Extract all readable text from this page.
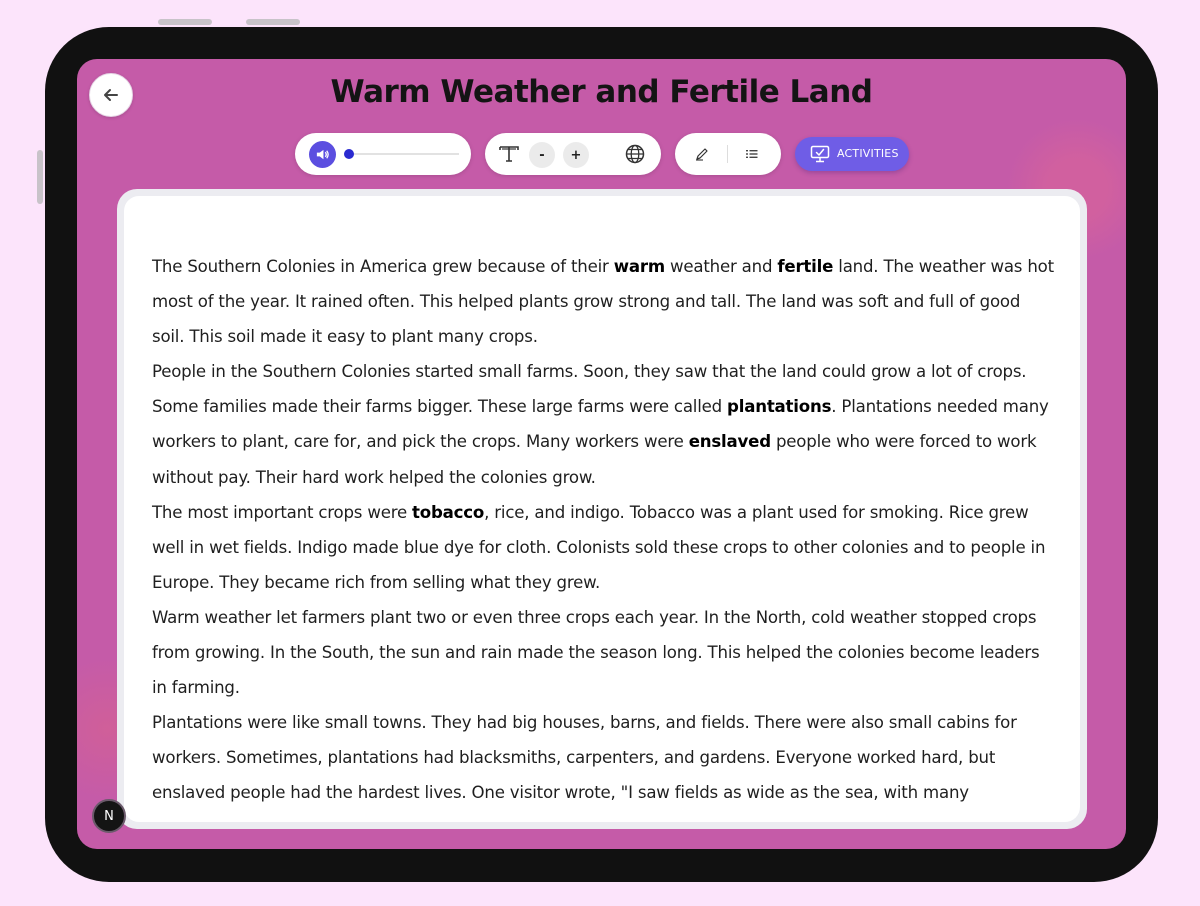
Warm Weather and Fertile Land
-	+	ACTIVITIES

The Southern Colonies in America grew because of their warm weather and fertile land. The weather was hot most of the year. It rained often. This helped plants grow strong and tall. The land was soft and full of good soil. This soil made it easy to plant many crops.

People in the Southern Colonies started small farms. Soon, they saw that the land could grow a lot of crops. Some families made their farms bigger. These large farms were called plantations. Plantations needed many workers to plant, care for, and pick the crops. Many workers were enslaved people who were forced to work without pay. Their hard work helped the colonies grow.

The most important crops were tobacco, rice, and indigo. Tobacco was a plant used for smoking. Rice grew well in wet fields. Indigo made blue dye for cloth. Colonists sold these crops to other colonies and to people in Europe. They became rich from selling what they grew.

Warm weather let farmers plant two or even three crops each year. In the North, cold weather stopped crops from growing. In the South, the sun and rain made the season long. This helped the colonies become leaders in farming.

Plantations were like small towns. They had big houses, barns, and fields. There were also small cabins for workers. Sometimes, plantations had blacksmiths, carpenters, and gardens. Everyone worked hard, but enslaved people had the hardest lives. One visitor wrote, "I saw fields as wide as the sea, with many

N
